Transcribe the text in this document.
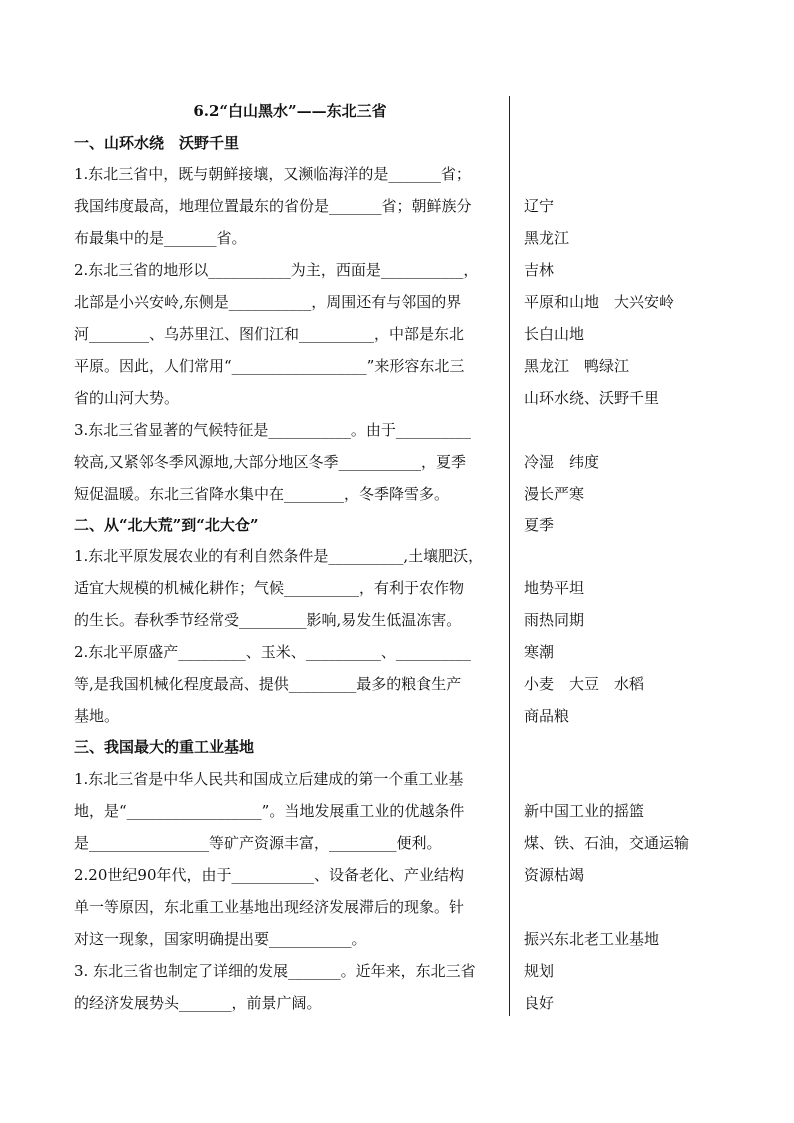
6.2“白山黑水”——东北三省
一、山环水绕　沃野千里
1.东北三省中，既与朝鲜接壤，又濒临海洋的是_______省；
我国纬度最高，地理位置最东的省份是_______省；朝鲜族分
布最集中的是_______省。
2.东北三省的地形以___________为主，西面是___________，
北部是小兴安岭,东侧是___________，周围还有与邻国的界
河________、乌苏里江、图们江和__________，中部是东北
平原。因此，人们常用“__________________”来形容东北三
省的山河大势。
3.东北三省显著的气候特征是___________。由于__________
较高,又紧邻冬季风源地,大部分地区冬季___________，夏季
短促温暖。东北三省降水集中在________，冬季降雪多。
二、从“北大荒”到“北大仓”
1.东北平原发展农业的有利自然条件是__________,土壤肥沃，
适宜大规模的机械化耕作；气候__________，有利于农作物
的生长。春秋季节经常受_________影响,易发生低温冻害。
2.东北平原盛产_________、玉米、__________、__________
等,是我国机械化程度最高、提供_________最多的粮食生产
基地。
三、我国最大的重工业基地
1.东北三省是中华人民共和国成立后建成的第一个重工业基
地，是“__________________”。当地发展重工业的优越条件
是________________等矿产资源丰富，_________便利。
2.20世纪90年代，由于___________、设备老化、产业结构
单一等原因，东北重工业基地出现经济发展滞后的现象。针
对这一现象，国家明确提出要___________。
3. 东北三省也制定了详细的发展_______。近年来，东北三省
的经济发展势头_______，前景广阔。
辽宁
黑龙江
吉林
平原和山地　大兴安岭
长白山地
黑龙江　鸭绿江
山环水绕、沃野千里
冷湿　纬度
漫长严寒
夏季
地势平坦
雨热同期
寒潮
小麦　大豆　水稻
商品粮
新中国工业的摇篮
煤、铁、石油，交通运输
资源枯竭
振兴东北老工业基地
规划
良好
